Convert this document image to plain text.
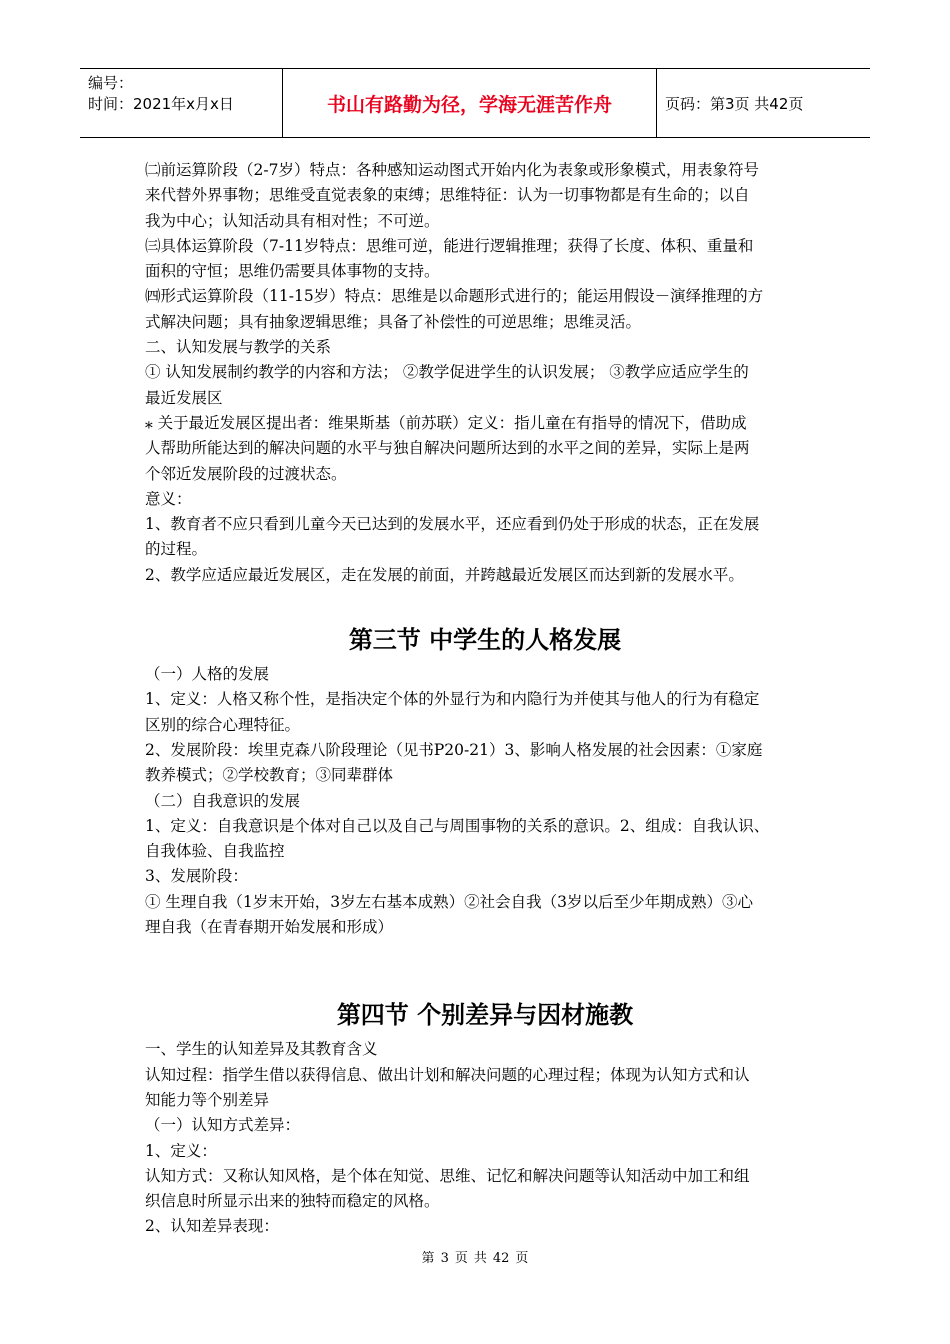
编号：
时间：2021年x月x日	书山有路勤为径，学海无涯苦作舟	页码：第3页 共42页

㈡前运算阶段（2-7岁）特点：各种感知运动图式开始内化为表象或形象模式，用表象符号

来代替外界事物；思维受直觉表象的束缚；思维特征：认为一切事物都是有生命的；以自

我为中心；认知活动具有相对性；不可逆。

㈢具体运算阶段（7-11岁特点：思维可逆，能进行逻辑推理；获得了长度、体积、重量和

面积的守恒；思维仍需要具体事物的支持。

㈣形式运算阶段（11-15岁）特点：思维是以命题形式进行的；能运用假设－演绎推理的方

式解决问题；具有抽象逻辑思维；具备了补偿性的可逆思维；思维灵活。

二、认知发展与教学的关系

① 认知发展制约教学的内容和方法； ②教学促进学生的认识发展； ③教学应适应学生的

最近发展区

⁎ 关于最近发展区提出者：维果斯基（前苏联）定义：指儿童在有指导的情况下，借助成

人帮助所能达到的解决问题的水平与独自解决问题所达到的水平之间的差异，实际上是两

个邻近发展阶段的过渡状态。

意义：

1、教育者不应只看到儿童今天已达到的发展水平，还应看到仍处于形成的状态，正在发展

的过程。

2、教学应适应最近发展区，走在发展的前面，并跨越最近发展区而达到新的发展水平。

第三节 中学生的人格发展

（一）人格的发展

1、定义：人格又称个性，是指决定个体的外显行为和内隐行为并使其与他人的行为有稳定

区别的综合心理特征。

2、发展阶段：埃里克森八阶段理论（见书P20-21）3、影响人格发展的社会因素：①家庭

教养模式；②学校教育；③同辈群体

（二）自我意识的发展

1、定义：自我意识是个体对自己以及自己与周围事物的关系的意识。2、组成：自我认识、

自我体验、自我监控

3、发展阶段：

① 生理自我（1岁末开始，3岁左右基本成熟）②社会自我（3岁以后至少年期成熟）③心

理自我（在青春期开始发展和形成）

第四节 个别差异与因材施教

一、学生的认知差异及其教育含义

认知过程：指学生借以获得信息、做出计划和解决问题的心理过程；体现为认知方式和认

知能力等个别差异

（一）认知方式差异：

1、定义：

认知方式：又称认知风格，是个体在知觉、思维、记忆和解决问题等认知活动中加工和组

织信息时所显示出来的独特而稳定的风格。

2、认知差异表现：

第 3 页 共 42 页
